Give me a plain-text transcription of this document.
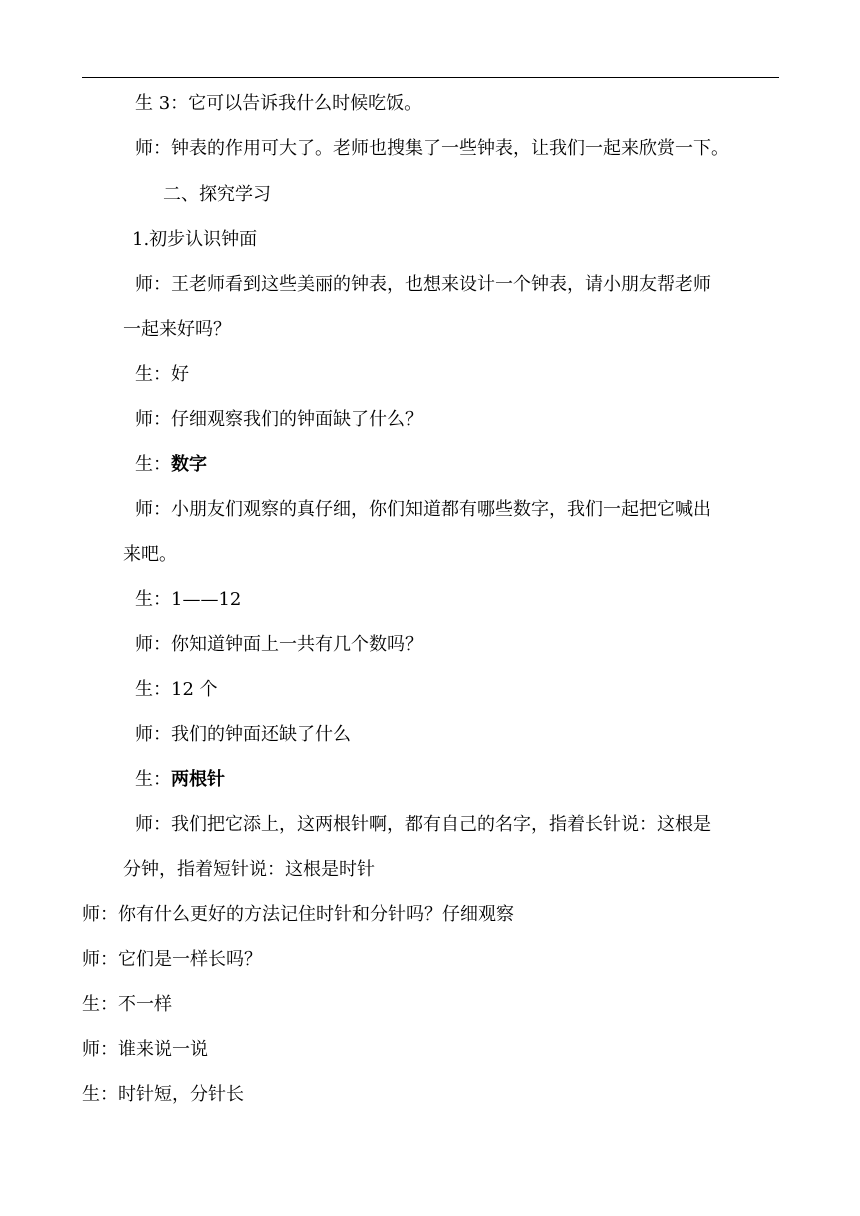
生 3：它可以告诉我什么时候吃饭。
师：钟表的作用可大了。老师也搜集了一些钟表，让我们一起来欣赏一下。
二、探究学习
1.初步认识钟面
师：王老师看到这些美丽的钟表，也想来设计一个钟表，请小朋友帮老师
一起来好吗？
生：好
师：仔细观察我们的钟面缺了什么？
生：数字
师：小朋友们观察的真仔细，你们知道都有哪些数字，我们一起把它喊出
来吧。
生：1——12
师：你知道钟面上一共有几个数吗？
生：12 个
师：我们的钟面还缺了什么
生：两根针
师：我们把它添上，这两根针啊，都有自己的名字，指着长针说：这根是
分钟，指着短针说：这根是时针
师：你有什么更好的方法记住时针和分针吗？仔细观察
师：它们是一样长吗？
生：不一样
师：谁来说一说
生：时针短，分针长
